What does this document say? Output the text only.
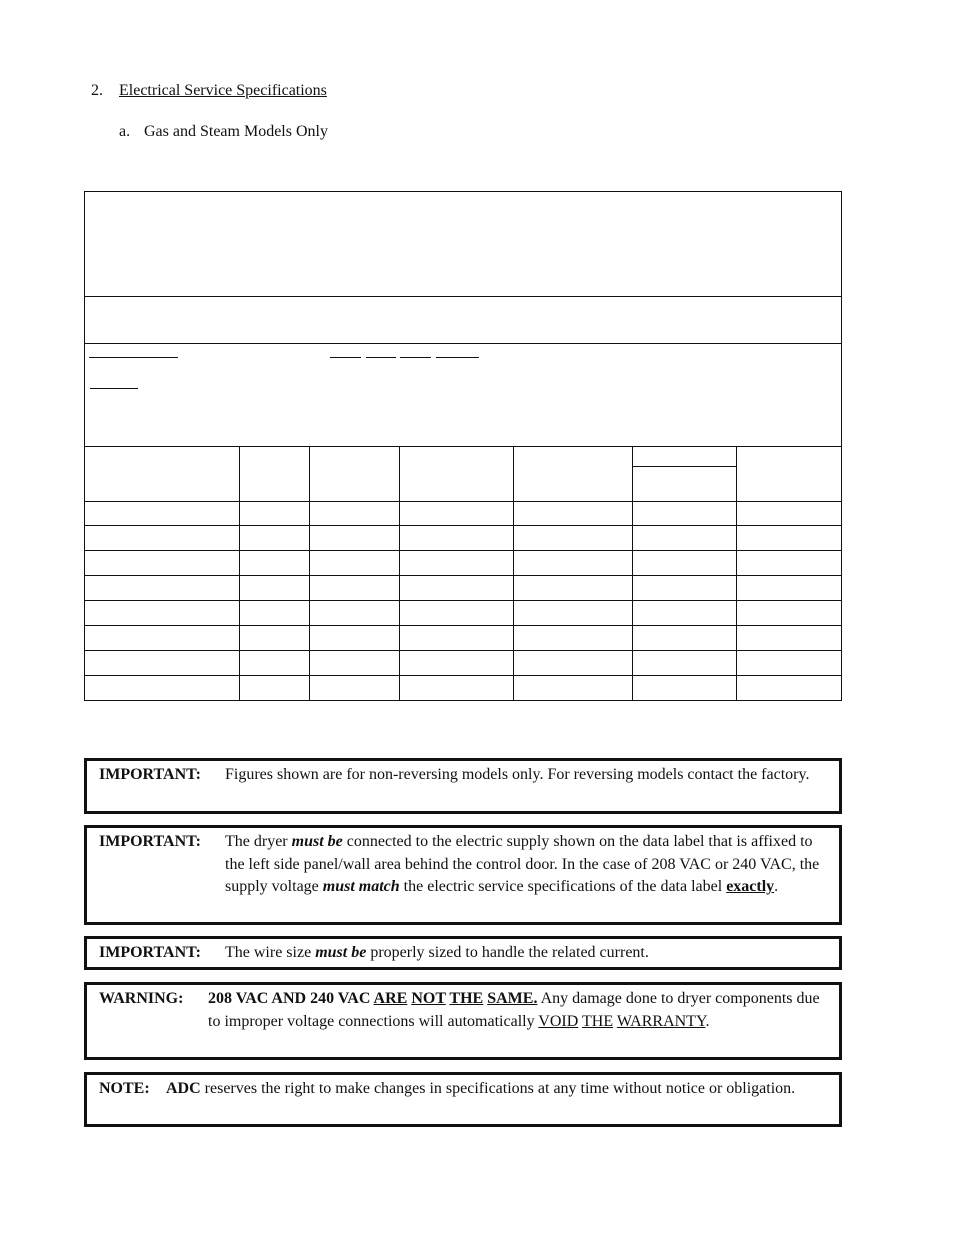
2. Electrical Service Specifications
a. Gas and Steam Models Only
IMPORTANT:	Figures shown are for non-reversing models only. For reversing models contact the factory.
IMPORTANT:	The dryer must be connected to the electric supply shown on the data label that is affixed to the left side panel/wall area behind the control door. In the case of 208 VAC or 240 VAC, the supply voltage must match the electric service specifications of the data label exactly.
IMPORTANT:	The wire size must be properly sized to handle the related current.
WARNING:	208 VAC AND 240 VAC ARE NOT THE SAME. Any damage done to dryer components due to improper voltage connections will automatically VOID THE WARRANTY.
NOTE:	ADC reserves the right to make changes in specifications at any time without notice or obligation.
